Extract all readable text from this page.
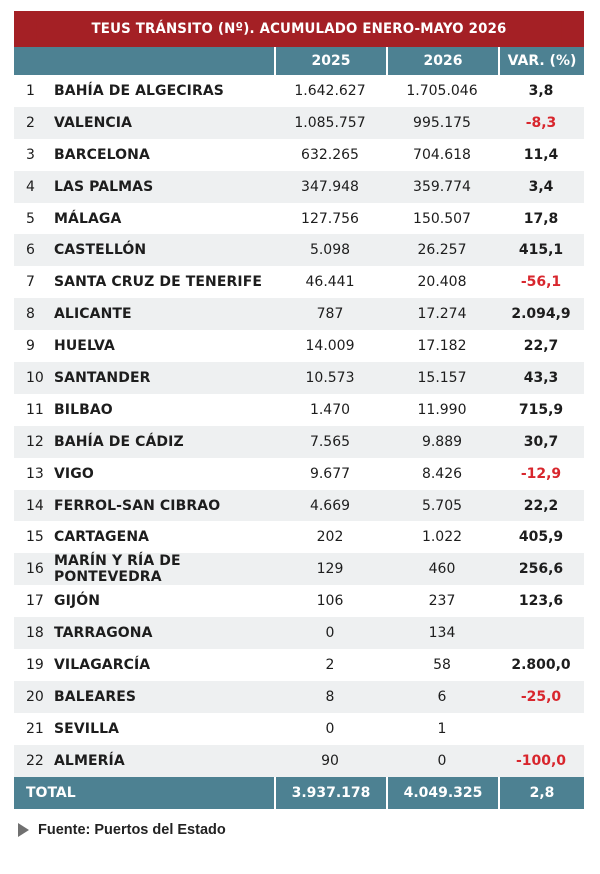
TEUS TRÁNSITO (Nº). ACUMULADO ENERO-MAYO 2026
		2025	2026	VAR. (%)
1	BAHÍA DE ALGECIRAS	1.642.627	1.705.046	3,8
2	VALENCIA	1.085.757	995.175	-8,3
3	BARCELONA	632.265	704.618	11,4
4	LAS PALMAS	347.948	359.774	3,4
5	MÁLAGA	127.756	150.507	17,8
6	CASTELLÓN	5.098	26.257	415,1
7	SANTA CRUZ DE TENERIFE	46.441	20.408	-56,1
8	ALICANTE	787	17.274	2.094,9
9	HUELVA	14.009	17.182	22,7
10	SANTANDER	10.573	15.157	43,3
11	BILBAO	1.470	11.990	715,9
12	BAHÍA DE CÁDIZ	7.565	9.889	30,7
13	VIGO	9.677	8.426	-12,9
14	FERROL-SAN CIBRAO	4.669	5.705	22,2
15	CARTAGENA	202	1.022	405,9
16	MARÍN Y RÍA DE PONTEVEDRA	129	460	256,6
17	GIJÓN	106	237	123,6
18	TARRAGONA	0	134	
19	VILAGARCÍA	2	58	2.800,0
20	BALEARES	8	6	-25,0
21	SEVILLA	0	1	
22	ALMERÍA	90	0	-100,0
TOTAL		3.937.178	4.049.325	2,8
Fuente: Puertos del Estado
